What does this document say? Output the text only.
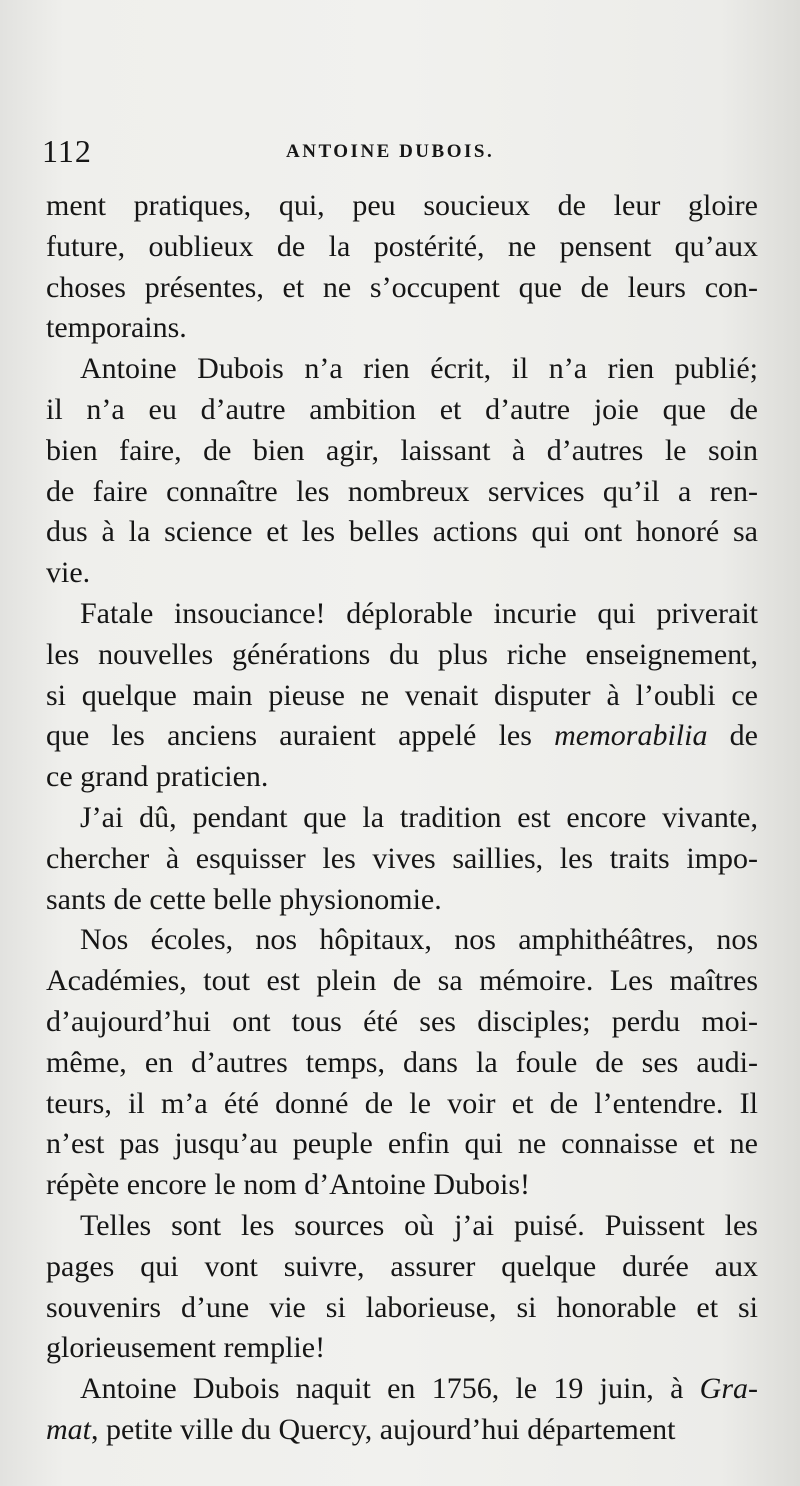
112	ANTOINE DUBOIS.
ment pratiques, qui, peu soucieux de leur gloire
future, oublieux de la postérité, ne pensent qu’aux
choses présentes, et ne s’occupent que de leurs con-
temporains.
Antoine Dubois n’a rien écrit, il n’a rien publié;
il n’a eu d’autre ambition et d’autre joie que de
bien faire, de bien agir, laissant à d’autres le soin
de faire connaître les nombreux services qu’il a ren-
dus à la science et les belles actions qui ont honoré sa
vie.
Fatale insouciance! déplorable incurie qui priverait
les nouvelles générations du plus riche enseignement,
si quelque main pieuse ne venait disputer à l’oubli ce
que les anciens auraient appelé les memorabilia de
ce grand praticien.
J’ai dû, pendant que la tradition est encore vivante,
chercher à esquisser les vives saillies, les traits impo-
sants de cette belle physionomie.
Nos écoles, nos hôpitaux, nos amphithéâtres, nos
Académies, tout est plein de sa mémoire. Les maîtres
d’aujourd’hui ont tous été ses disciples; perdu moi-
même, en d’autres temps, dans la foule de ses audi-
teurs, il m’a été donné de le voir et de l’entendre. Il
n’est pas jusqu’au peuple enfin qui ne connaisse et ne
répète encore le nom d’Antoine Dubois!
Telles sont les sources où j’ai puisé. Puissent les
pages qui vont suivre, assurer quelque durée aux
souvenirs d’une vie si laborieuse, si honorable et si
glorieusement remplie!
Antoine Dubois naquit en 1756, le 19 juin, à Gra-
mat, petite ville du Quercy, aujourd’hui département
